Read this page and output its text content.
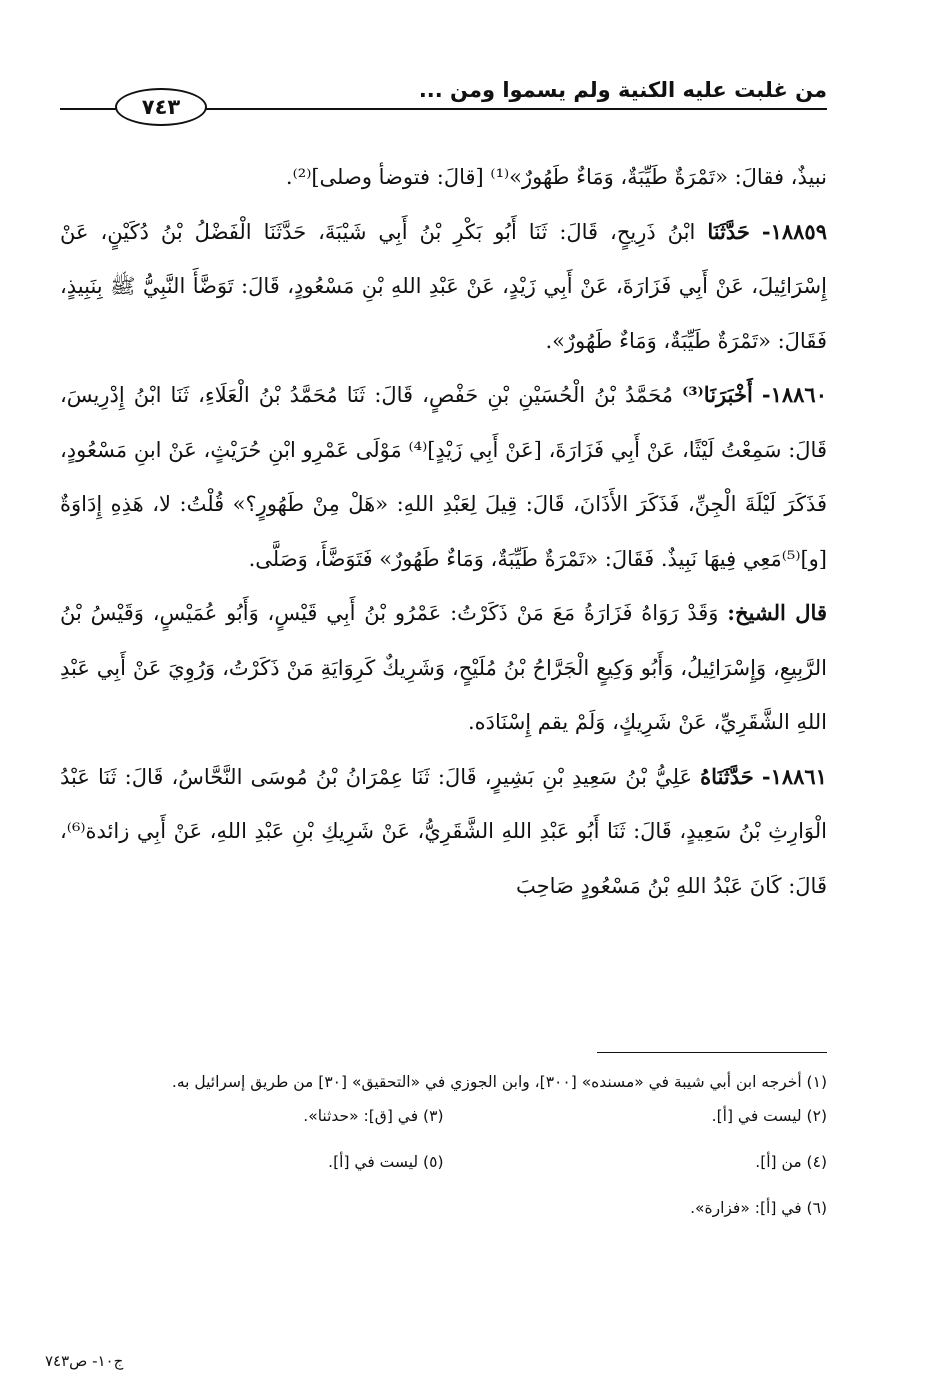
من غلبت عليه الكنية ولم يسموا ومن ...
٧٤٣

نبيذٌ، فقالَ: «تَمْرَةٌ طَيِّبَةٌ، وَمَاءٌ طَهُورٌ»⁽¹⁾ [قالَ: فتوضأ وصلى]⁽²⁾.

١٨٨٥٩- حَدَّثَنَا ابْنُ ذَرِيحٍ، قَالَ: ثَنَا أَبُو بَكْرِ بْنُ أَبِي شَيْبَةَ، حَدَّثَنَا الْفَضْلُ بْنُ دُكَيْنٍ، عَنْ إِسْرَائِيلَ، عَنْ أَبِي فَزَارَةَ، عَنْ أَبِي زَيْدٍ، عَنْ عَبْدِ اللهِ بْنِ مَسْعُودٍ، قَالَ: تَوَضَّأَ النَّبِيُّ ﷺ بِنَبِيذٍ، فَقَالَ: «تَمْرَةٌ طَيِّبَةٌ، وَمَاءٌ طَهُورٌ».

١٨٨٦٠- أَخْبَرَنَا⁽³⁾ مُحَمَّدُ بْنُ الْحُسَيْنِ بْنِ حَفْصٍ، قَالَ: ثَنَا مُحَمَّدُ بْنُ الْعَلَاءِ، ثَنَا ابْنُ إِدْرِيسَ، قَالَ: سَمِعْتُ لَيْثًا، عَنْ أَبِي فَزَارَةَ، [عَنْ أَبِي زَيْدٍ]⁽⁴⁾ مَوْلَى عَمْرِو ابْنِ حُرَيْثٍ، عَنْ ابنِ مَسْعُودٍ، فَذَكَرَ لَيْلَةَ الْجِنِّ، فَذَكَرَ الأَذَانَ، قَالَ: قِيلَ لِعَبْدِ اللهِ: «هَلْ مِنْ طَهُورٍ؟» قُلْتُ: لا، هَذِهِ إِدَاوَةٌ [و]⁽⁵⁾مَعِي فِيهَا نَبِيذٌ. فَقَالَ: «تَمْرَةٌ طَيِّبَةٌ، وَمَاءٌ طَهُورٌ» فَتَوَضَّأَ، وَصَلَّى.

قال الشيخ: وَقَدْ رَوَاهُ فَزَارَةُ مَعَ مَنْ ذَكَرْتُ: عَمْرُو بْنُ أَبِي قَيْسٍ، وَأَبُو عُمَيْسٍ، وَقَيْسُ بْنُ الرَّبِيعِ، وَإِسْرَائِيلُ، وَأَبُو وَكِيعٍ الْجَرَّاحُ بْنُ مُلَيْحٍ، وَشَرِيكٌ كَرِوَايَةِ مَنْ ذَكَرْتُ، وَرُوِيَ عَنْ أَبِي عَبْدِ اللهِ الشَّقَرِيِّ، عَنْ شَرِيكٍ، وَلَمْ يقم إِسْنَادَه.

١٨٨٦١- حَدَّثَنَاهُ عَلِيُّ بْنُ سَعِيدِ بْنِ بَشِيرٍ، قَالَ: ثَنَا عِمْرَانُ بْنُ مُوسَى النَّحَّاسُ، قَالَ: ثَنَا عَبْدُ الْوَارِثِ بْنُ سَعِيدٍ، قَالَ: ثَنَا أَبُو عَبْدِ اللهِ الشَّقَرِيُّ، عَنْ شَرِيكِ بْنِ عَبْدِ اللهِ، عَنْ أَبِي زائدة⁽⁶⁾، قَالَ: كَانَ عَبْدُ اللهِ بْنُ مَسْعُودٍ صَاحِبَ

(١) أخرجه ابن أبي شيبة في «مسنده» [٣٠٠]، وابن الجوزي في «التحقيق» [٣٠] من طريق إسرائيل به.

(٢) ليست في [أ].
(٣) في [ق]: «حدثنا».
(٤) من [أ].
(٥) ليست في [أ].
(٦) في [أ]: «فزارة».
ج١٠- ص٧٤٣
